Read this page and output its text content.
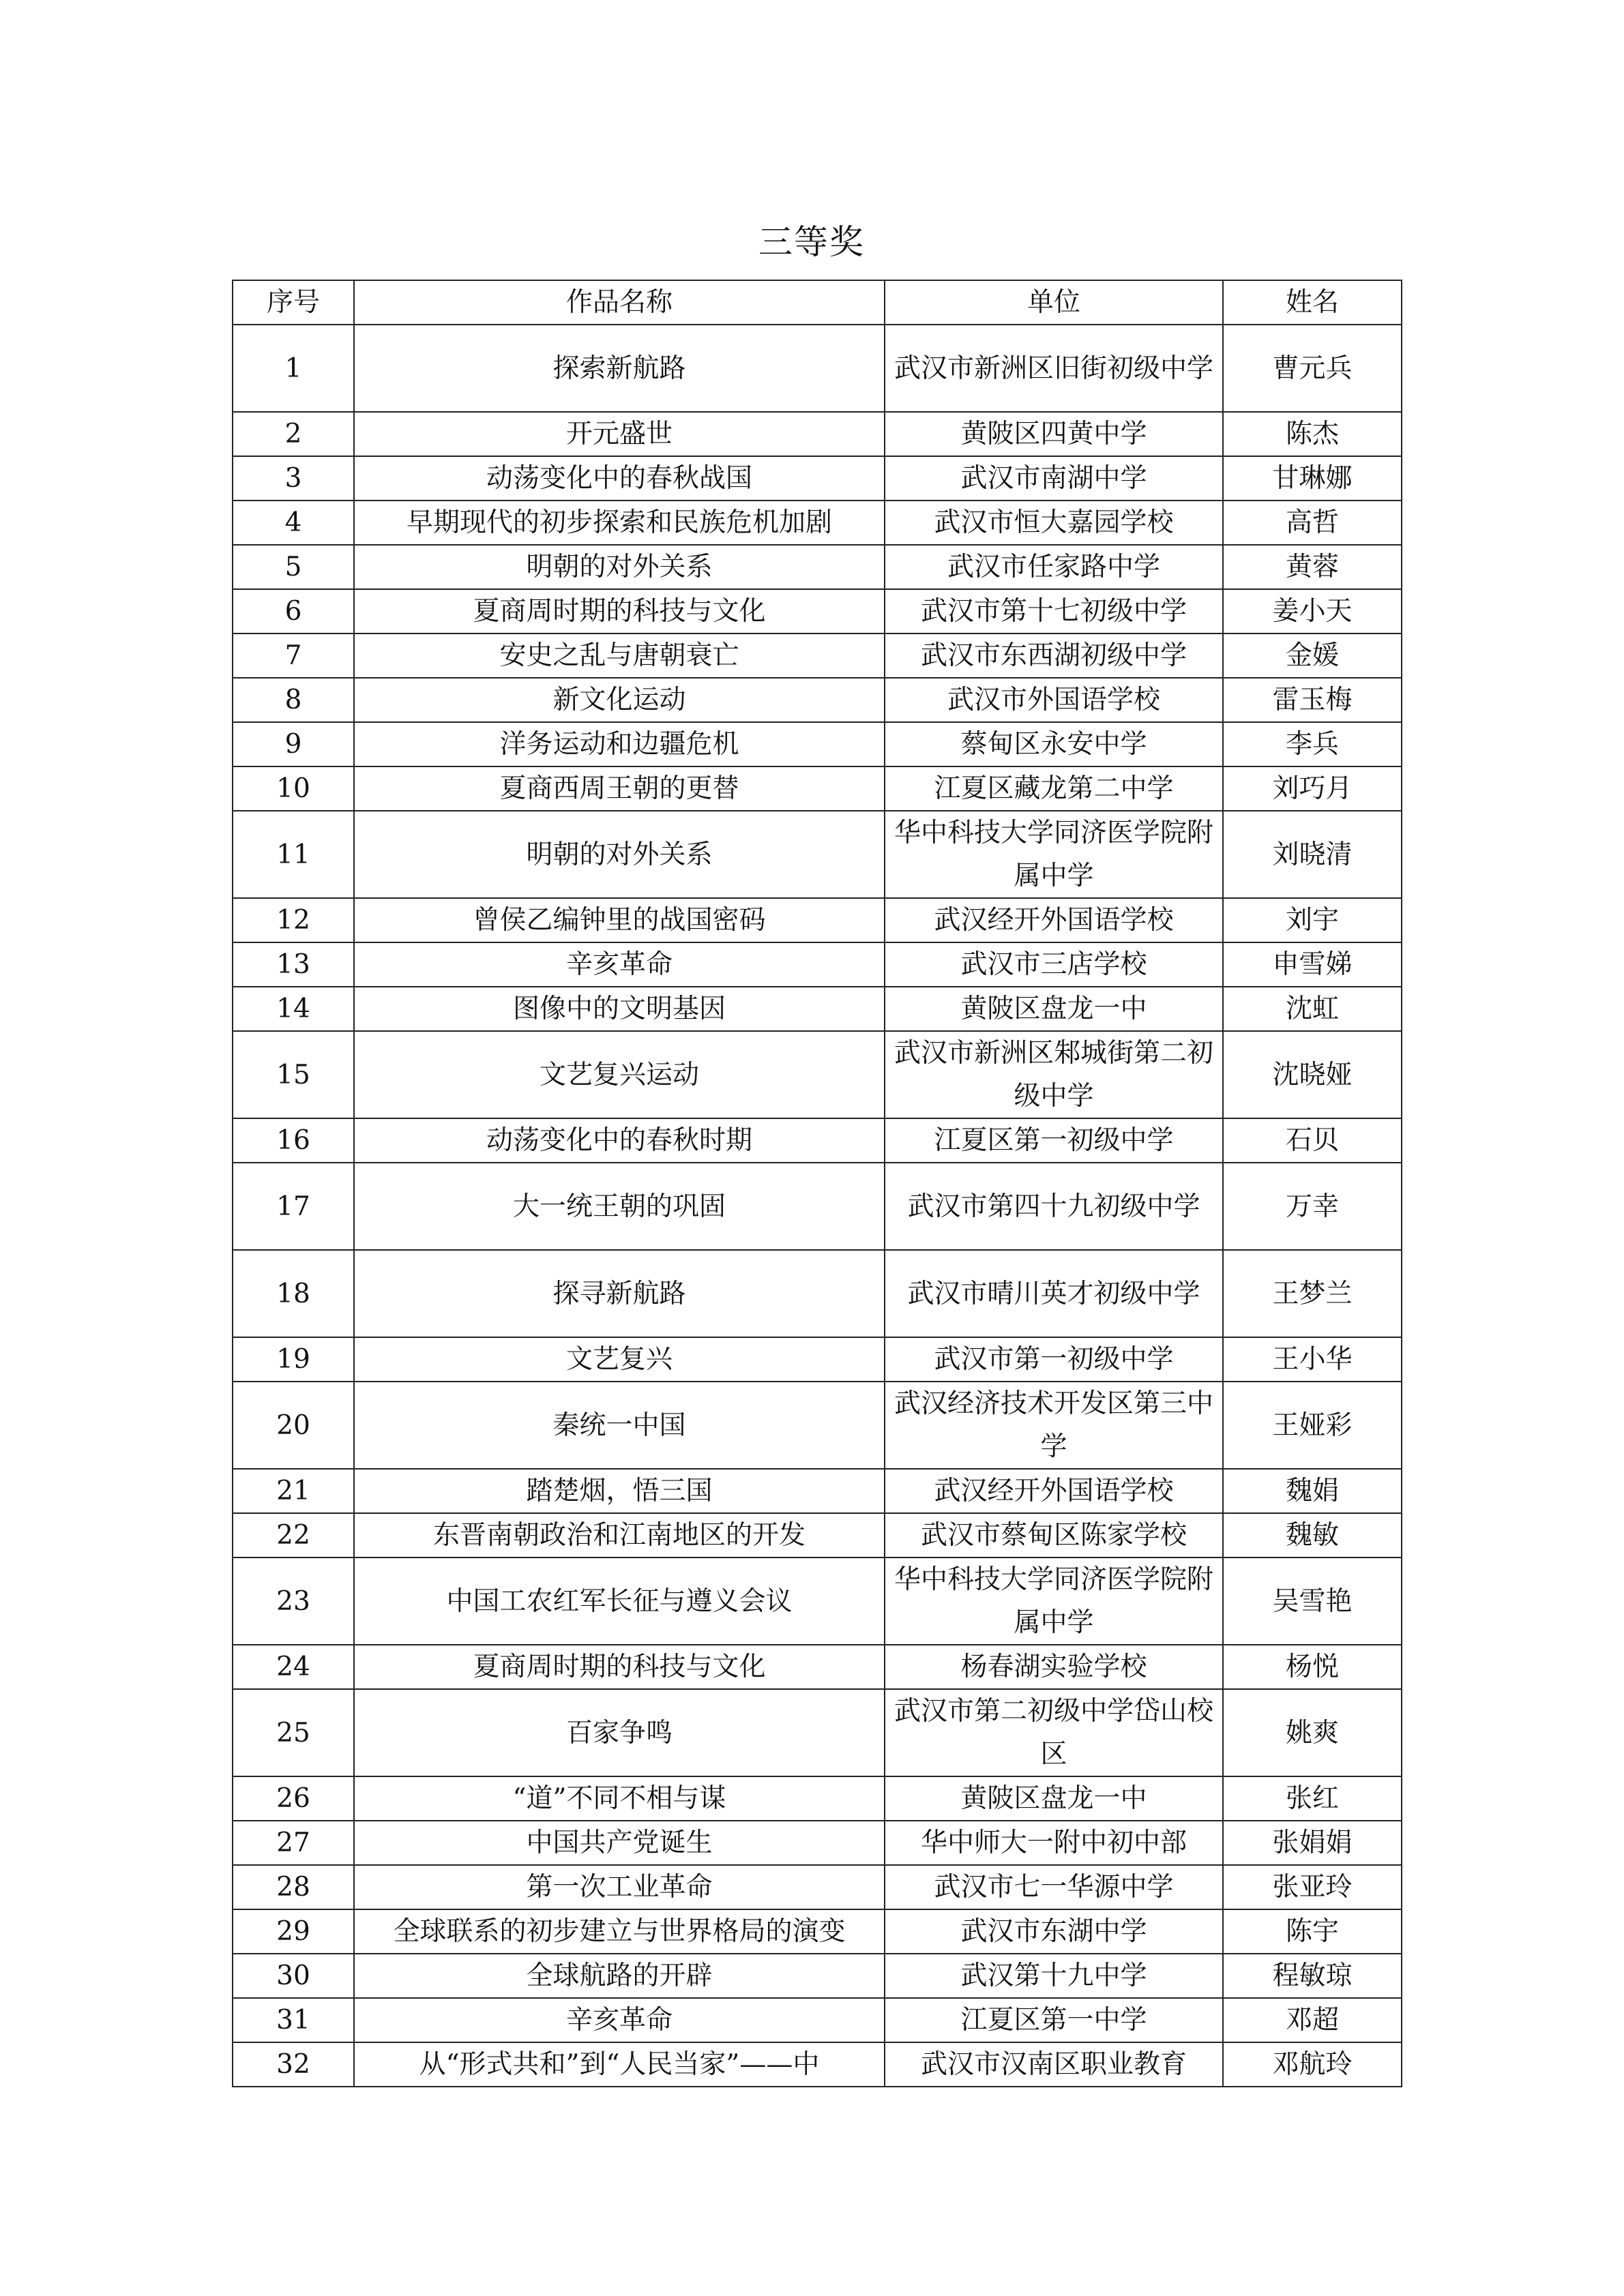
三等奖
序号	作品名称	单位	姓名
1	探索新航路	武汉市新洲区旧街初级中学	曹元兵
2	开元盛世	黄陂区四黄中学	陈杰
3	动荡变化中的春秋战国	武汉市南湖中学	甘琳娜
4	早期现代的初步探索和民族危机加剧	武汉市恒大嘉园学校	高哲
5	明朝的对外关系	武汉市任家路中学	黄蓉
6	夏商周时期的科技与文化	武汉市第十七初级中学	姜小天
7	安史之乱与唐朝衰亡	武汉市东西湖初级中学	金媛
8	新文化运动	武汉市外国语学校	雷玉梅
9	洋务运动和边疆危机	蔡甸区永安中学	李兵
10	夏商西周王朝的更替	江夏区藏龙第二中学	刘巧月
11	明朝的对外关系	华中科技大学同济医学院附属中学	刘晓清
12	曾侯乙编钟里的战国密码	武汉经开外国语学校	刘宇
13	辛亥革命	武汉市三店学校	申雪娣
14	图像中的文明基因	黄陂区盘龙一中	沈虹
15	文艺复兴运动	武汉市新洲区邾城街第二初级中学	沈晓娅
16	动荡变化中的春秋时期	江夏区第一初级中学	石贝
17	大一统王朝的巩固	武汉市第四十九初级中学	万幸
18	探寻新航路	武汉市晴川英才初级中学	王梦兰
19	文艺复兴	武汉市第一初级中学	王小华
20	秦统一中国	武汉经济技术开发区第三中学	王娅彩
21	踏楚烟，悟三国	武汉经开外国语学校	魏娟
22	东晋南朝政治和江南地区的开发	武汉市蔡甸区陈家学校	魏敏
23	中国工农红军长征与遵义会议	华中科技大学同济医学院附属中学	吴雪艳
24	夏商周时期的科技与文化	杨春湖实验学校	杨悦
25	百家争鸣	武汉市第二初级中学岱山校区	姚爽
26	“道”不同不相与谋	黄陂区盘龙一中	张红
27	中国共产党诞生	华中师大一附中初中部	张娟娟
28	第一次工业革命	武汉市七一华源中学	张亚玲
29	全球联系的初步建立与世界格局的演变	武汉市东湖中学	陈宇
30	全球航路的开辟	武汉第十九中学	程敏琼
31	辛亥革命	江夏区第一中学	邓超
32	从“形式共和”到“人民当家”——中	武汉市汉南区职业教育	邓航玲
